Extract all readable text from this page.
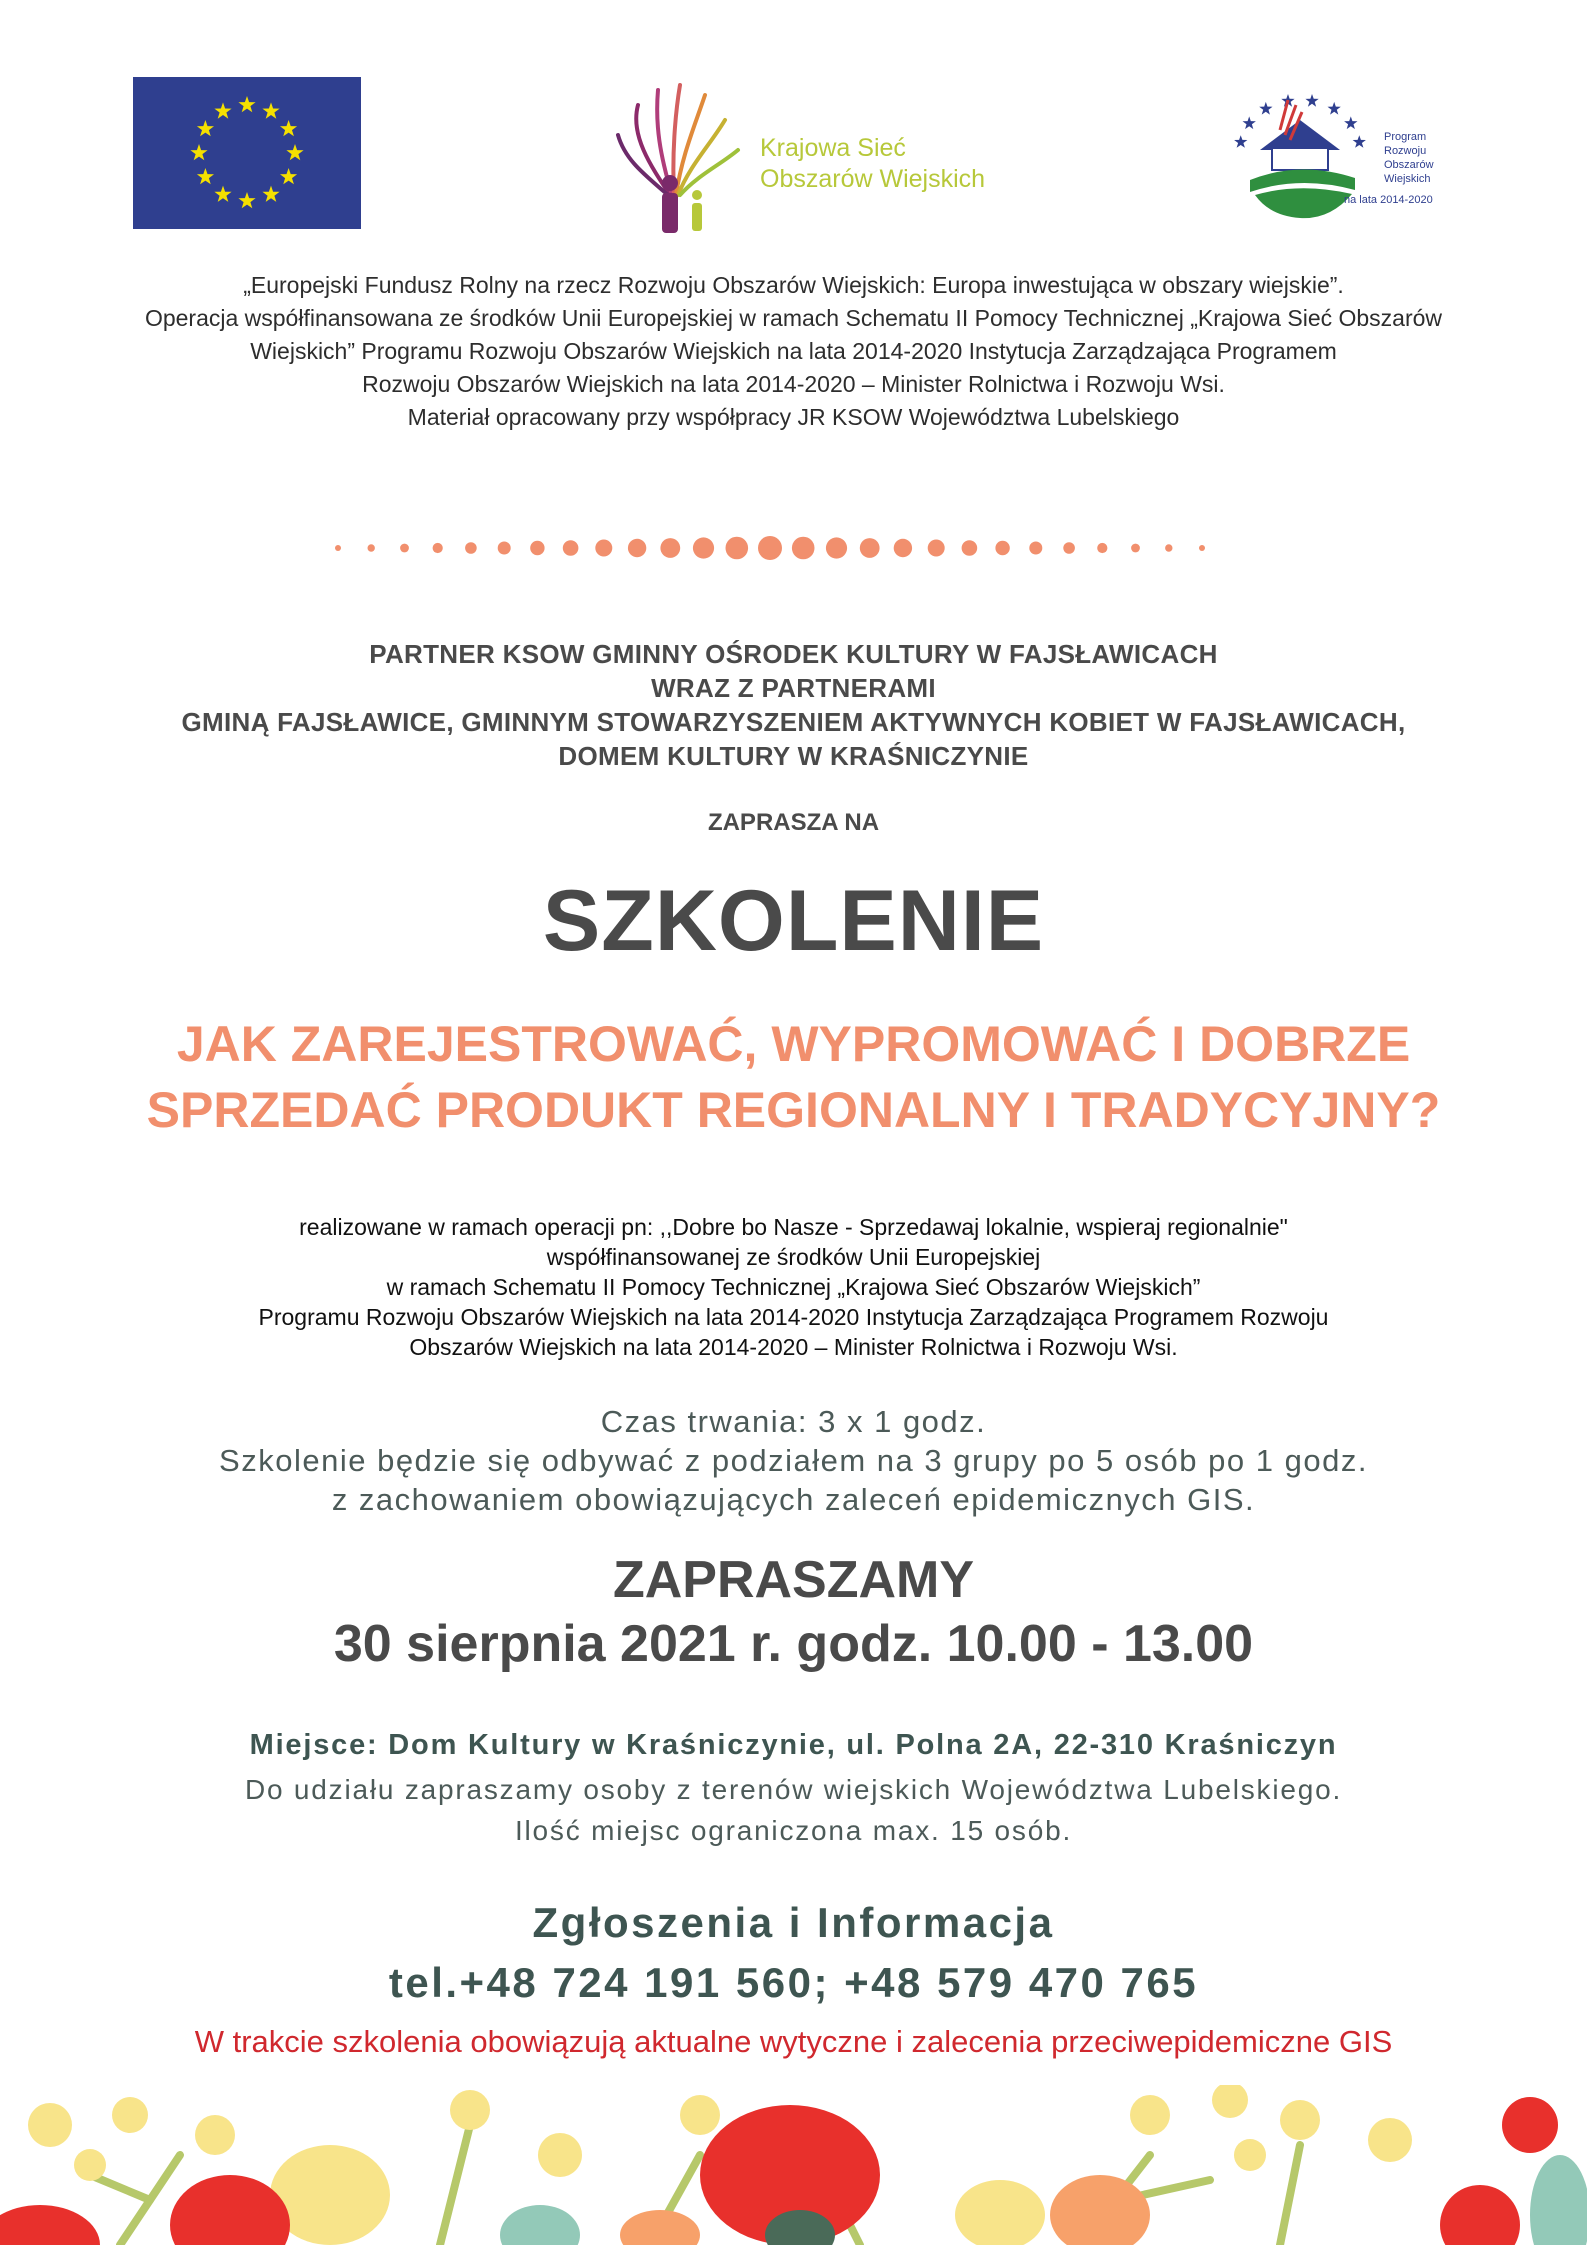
Krajowa Sieć
Obszarów Wiejskich
Program
Rozwoju
Obszarów
Wiejskich
na lata 2014-2020
„Europejski Fundusz Rolny na rzecz Rozwoju Obszarów Wiejskich: Europa inwestująca w obszary wiejskie”.
Operacja współfinansowana ze środków Unii Europejskiej w ramach Schematu II Pomocy Technicznej „Krajowa Sieć Obszarów
Wiejskich” Programu Rozwoju Obszarów Wiejskich na lata 2014-2020 Instytucja Zarządzająca Programem
Rozwoju Obszarów Wiejskich na lata 2014-2020 – Minister Rolnictwa i Rozwoju Wsi.
Materiał opracowany przy współpracy JR KSOW Województwa Lubelskiego
PARTNER KSOW GMINNY OŚRODEK KULTURY W FAJSŁAWICACH
WRAZ Z PARTNERAMI
GMINĄ FAJSŁAWICE, GMINNYM STOWARZYSZENIEM AKTYWNYCH KOBIET W FAJSŁAWICACH,
DOMEM KULTURY W KRAŚNICZYNIE
ZAPRASZA NA
SZKOLENIE
JAK ZAREJESTROWAĆ, WYPROMOWAĆ I DOBRZE
SPRZEDAĆ PRODUKT REGIONALNY I TRADYCYJNY?
realizowane w ramach operacji pn: ,,Dobre bo Nasze - Sprzedawaj lokalnie, wspieraj regionalnie"
współfinansowanej ze środków Unii Europejskiej
w ramach Schematu II Pomocy Technicznej „Krajowa Sieć Obszarów Wiejskich”
Programu Rozwoju Obszarów Wiejskich na lata 2014-2020 Instytucja Zarządzająca Programem Rozwoju
Obszarów Wiejskich na lata 2014-2020 – Minister Rolnictwa i Rozwoju Wsi.
Czas trwania: 3 x 1 godz.
Szkolenie będzie się odbywać z podziałem na 3 grupy po 5 osób po 1 godz.
z zachowaniem obowiązujących zaleceń epidemicznych GIS.
ZAPRASZAMY
30 sierpnia 2021 r. godz. 10.00 - 13.00
Miejsce: Dom Kultury w Kraśniczynie, ul. Polna 2A, 22-310 Kraśniczyn
Do udziału zapraszamy osoby z terenów wiejskich Województwa Lubelskiego.
Ilość miejsc ograniczona max. 15 osób.
Zgłoszenia i Informacja
tel.+48 724 191 560; +48 579 470 765
W trakcie szkolenia obowiązują aktualne wytyczne i zalecenia przeciwepidemiczne GIS
